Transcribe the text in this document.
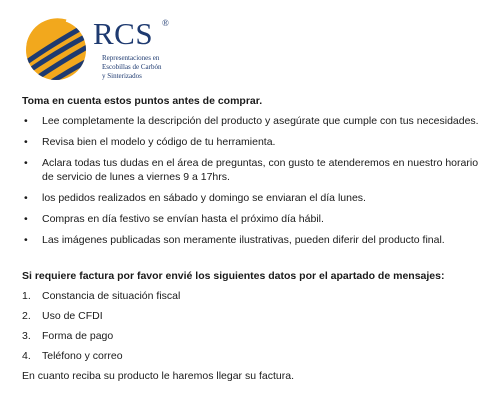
RCS ®
Representaciones en
Escobillas de Carbón
y Sinterizados

Toma en cuenta estos puntos antes de comprar.

• Lee completamente la descripción del producto y asegúrate que cumple con tus necesidades.
• Revisa bien el modelo y código de tu herramienta.
• Aclara todas tus dudas en el área de preguntas, con gusto te atenderemos en nuestro horario de servicio de lunes a viernes 9 a 17hrs.
• los pedidos realizados en sábado y domingo se enviaran el día lunes.
• Compras en día festivo se envían hasta el próximo día hábil.
• Las imágenes publicadas son meramente ilustrativas, pueden diferir del producto final.

Si requiere factura por favor envié los siguientes datos por el apartado de mensajes:

1. Constancia de situación fiscal
2. Uso de CFDI
3. Forma de pago
4. Teléfono y correo

En cuanto reciba su producto le haremos llegar su factura.
